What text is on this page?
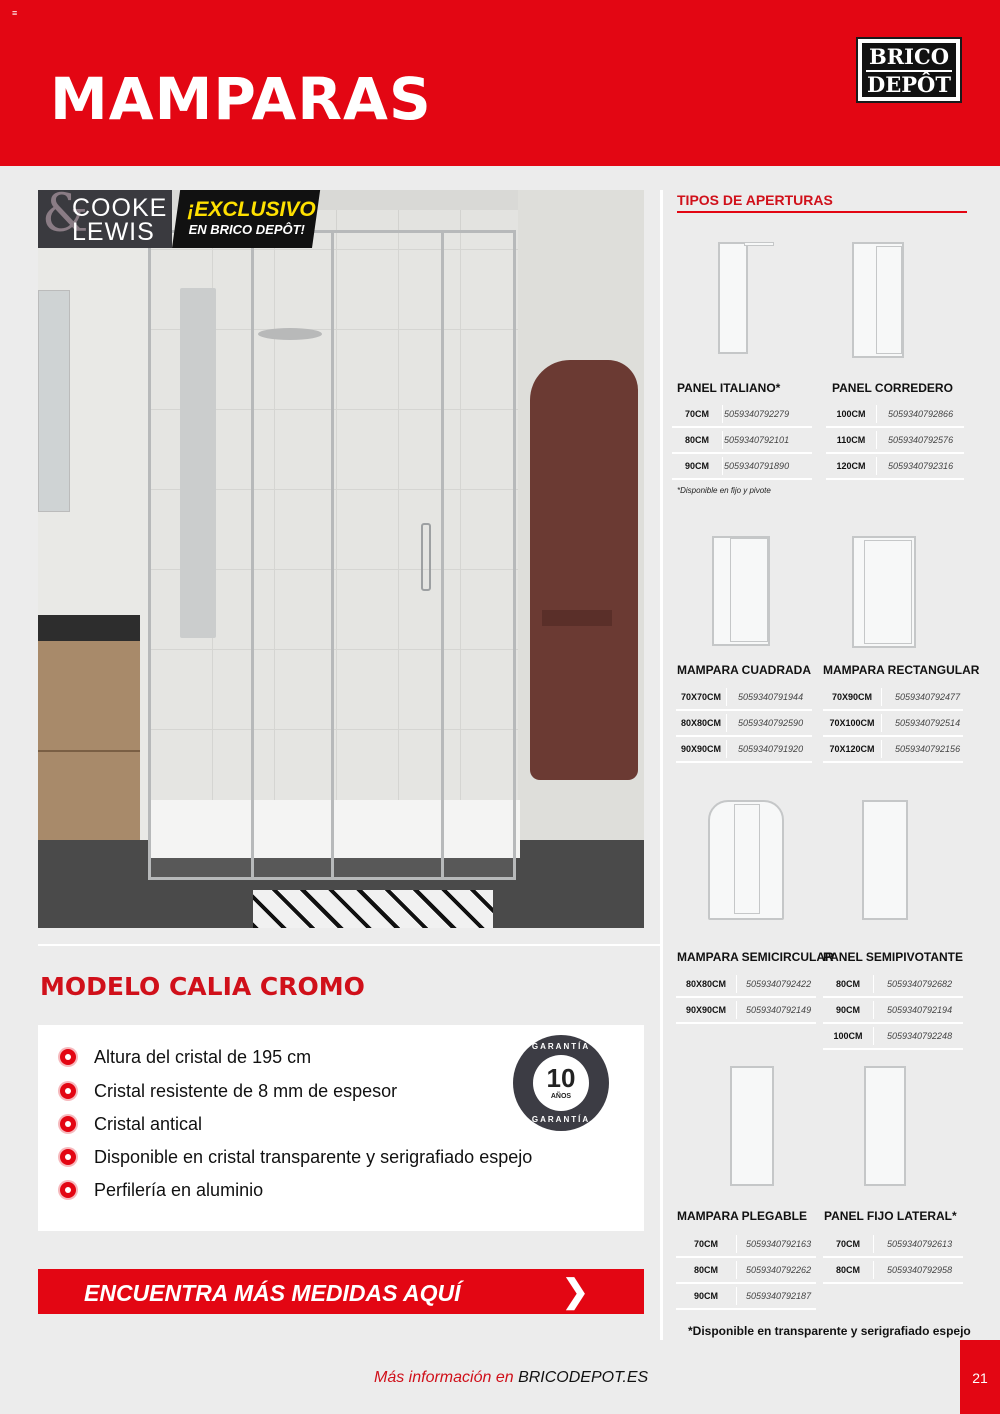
≡
MAMPARAS
BRICO
DEPÔT
&
COOKE
LEWIS
¡EXCLUSIVO
EN BRICO DEPÔT!
MODELO CALIA CROMO
Altura del cristal de 195 cm
Cristal resistente de 8 mm de espesor
Cristal antical
Disponible en cristal transparente y serigrafiado espejo
Perfilería en aluminio
GARANTÍA
10
AÑOS
GARANTÍA
ENCUENTRA MÁS MEDIDAS AQUÍ	❯
Más información en BRICODEPOT.ES	21
TIPOS DE APERTURAS
PANEL ITALIANO*	PANEL CORREDERO
MAMPARA CUADRADA MAMPARA RECTANGULAR
MAMPARA SEMICIRCULAR
PANEL SEMIPIVOTANTE
MAMPARA PLEGABLE PANEL FIJO LATERAL*
70CM	5059340792279
80CM	5059340792101
90CM	5059340791890
100CM	5059340792866
110CM	5059340792576
120CM	5059340792316
*Disponible en fijo y pivote
70X70CM	5059340791944
80X80CM	5059340792590
90X90CM	5059340791920
70X90CM	5059340792477
70X100CM	5059340792514
70X120CM	5059340792156
80X80CM	5059340792422
90X90CM	5059340792149
80CM	5059340792682
90CM	5059340792194
100CM	5059340792248
70CM	5059340792163
80CM	5059340792262
90CM	5059340792187
70CM	5059340792613
80CM	5059340792958
*Disponible en transparente y serigrafiado espejo
